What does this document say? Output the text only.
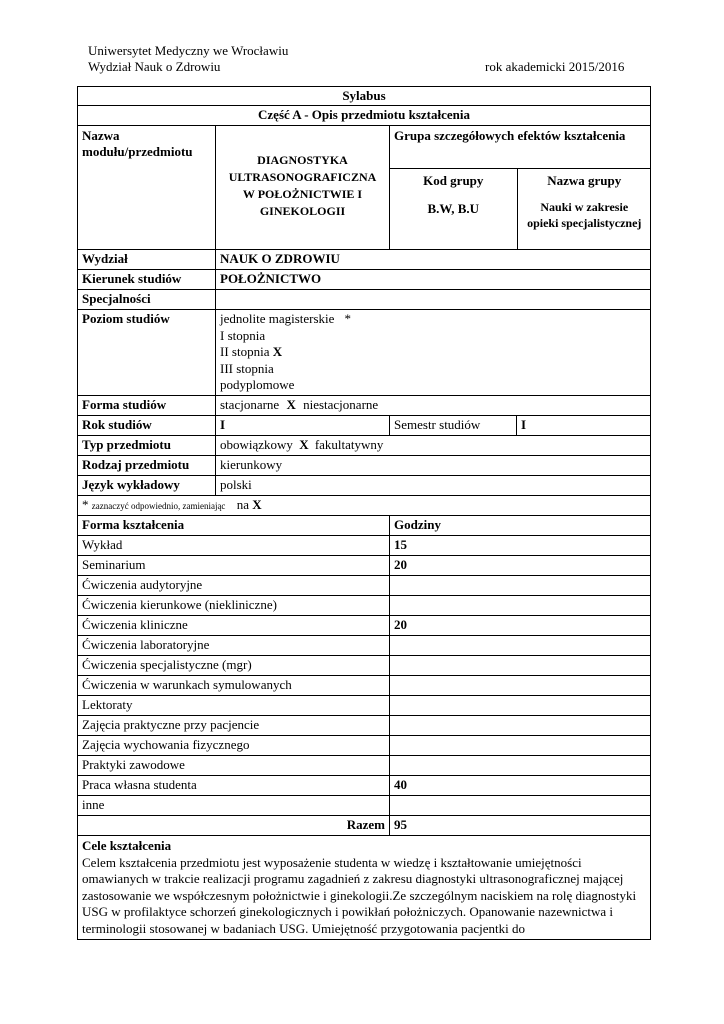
Uniwersytet Medyczny we Wrocławiu
Wydział Nauk o Zdrowiu	rok akademicki 2015/2016
Sylabus
Część A - Opis przedmiotu kształcenia
Nazwa modułu/przedmiotu	DIAGNOSTYKA ULTRASONOGRAFICZNA W POŁOŻNICTWIE I GINEKOLOGII	
Grupa szczegółowych efektów kształcenia
Kod grupy
B.W, B.U

Nazwa grupy
Nauki w zakresie opieki specjalistycznej

Wydział	NAUK O ZDROWIU
Kierunek studiów	POŁOŻNICTWO
Specjalności	
Poziom studiów	jednolite magisterskie *
I stopnia
II stopnia X
III stopnia
podyplomowe

Forma studiów	stacjonarne X niestacjonarne
Rok studiów	I	Semestr studiów	I
Typ przedmiotu	obowiązkowy X fakultatywny
Rodzaj przedmiotu	kierunkowy
Język wykładowy	polski
* zaznaczyć odpowiednio, zamieniając na X
Forma kształcenia	Godziny
Wykład	15
Seminarium	20
Ćwiczenia audytoryjne	
Ćwiczenia kierunkowe (niekliniczne)	
Ćwiczenia kliniczne	20
Ćwiczenia laboratoryjne	
Ćwiczenia specjalistyczne (mgr)	
Ćwiczenia w warunkach symulowanych	
Lektoraty	
Zajęcia praktyczne przy pacjencie	
Zajęcia wychowania fizycznego	
Praktyki zawodowe	
Praca własna studenta	40
inne	
Razem	95

Cele kształcenia
Celem kształcenia przedmiotu jest wyposażenie studenta w wiedzę i kształtowanie umiejętności omawianych w trakcie realizacji programu zagadnień z zakresu diagnostyki ultrasonograficznej mającej zastosowanie we współczesnym położnictwie i ginekologii.Ze szczególnym naciskiem na rolę diagnostyki USG w profilaktyce schorzeń ginekologicznych i powikłań położniczych. Opanowanie nazewnictwa i terminologii stosowanej w badaniach USG. Umiejętność przygotowania pacjentki do
